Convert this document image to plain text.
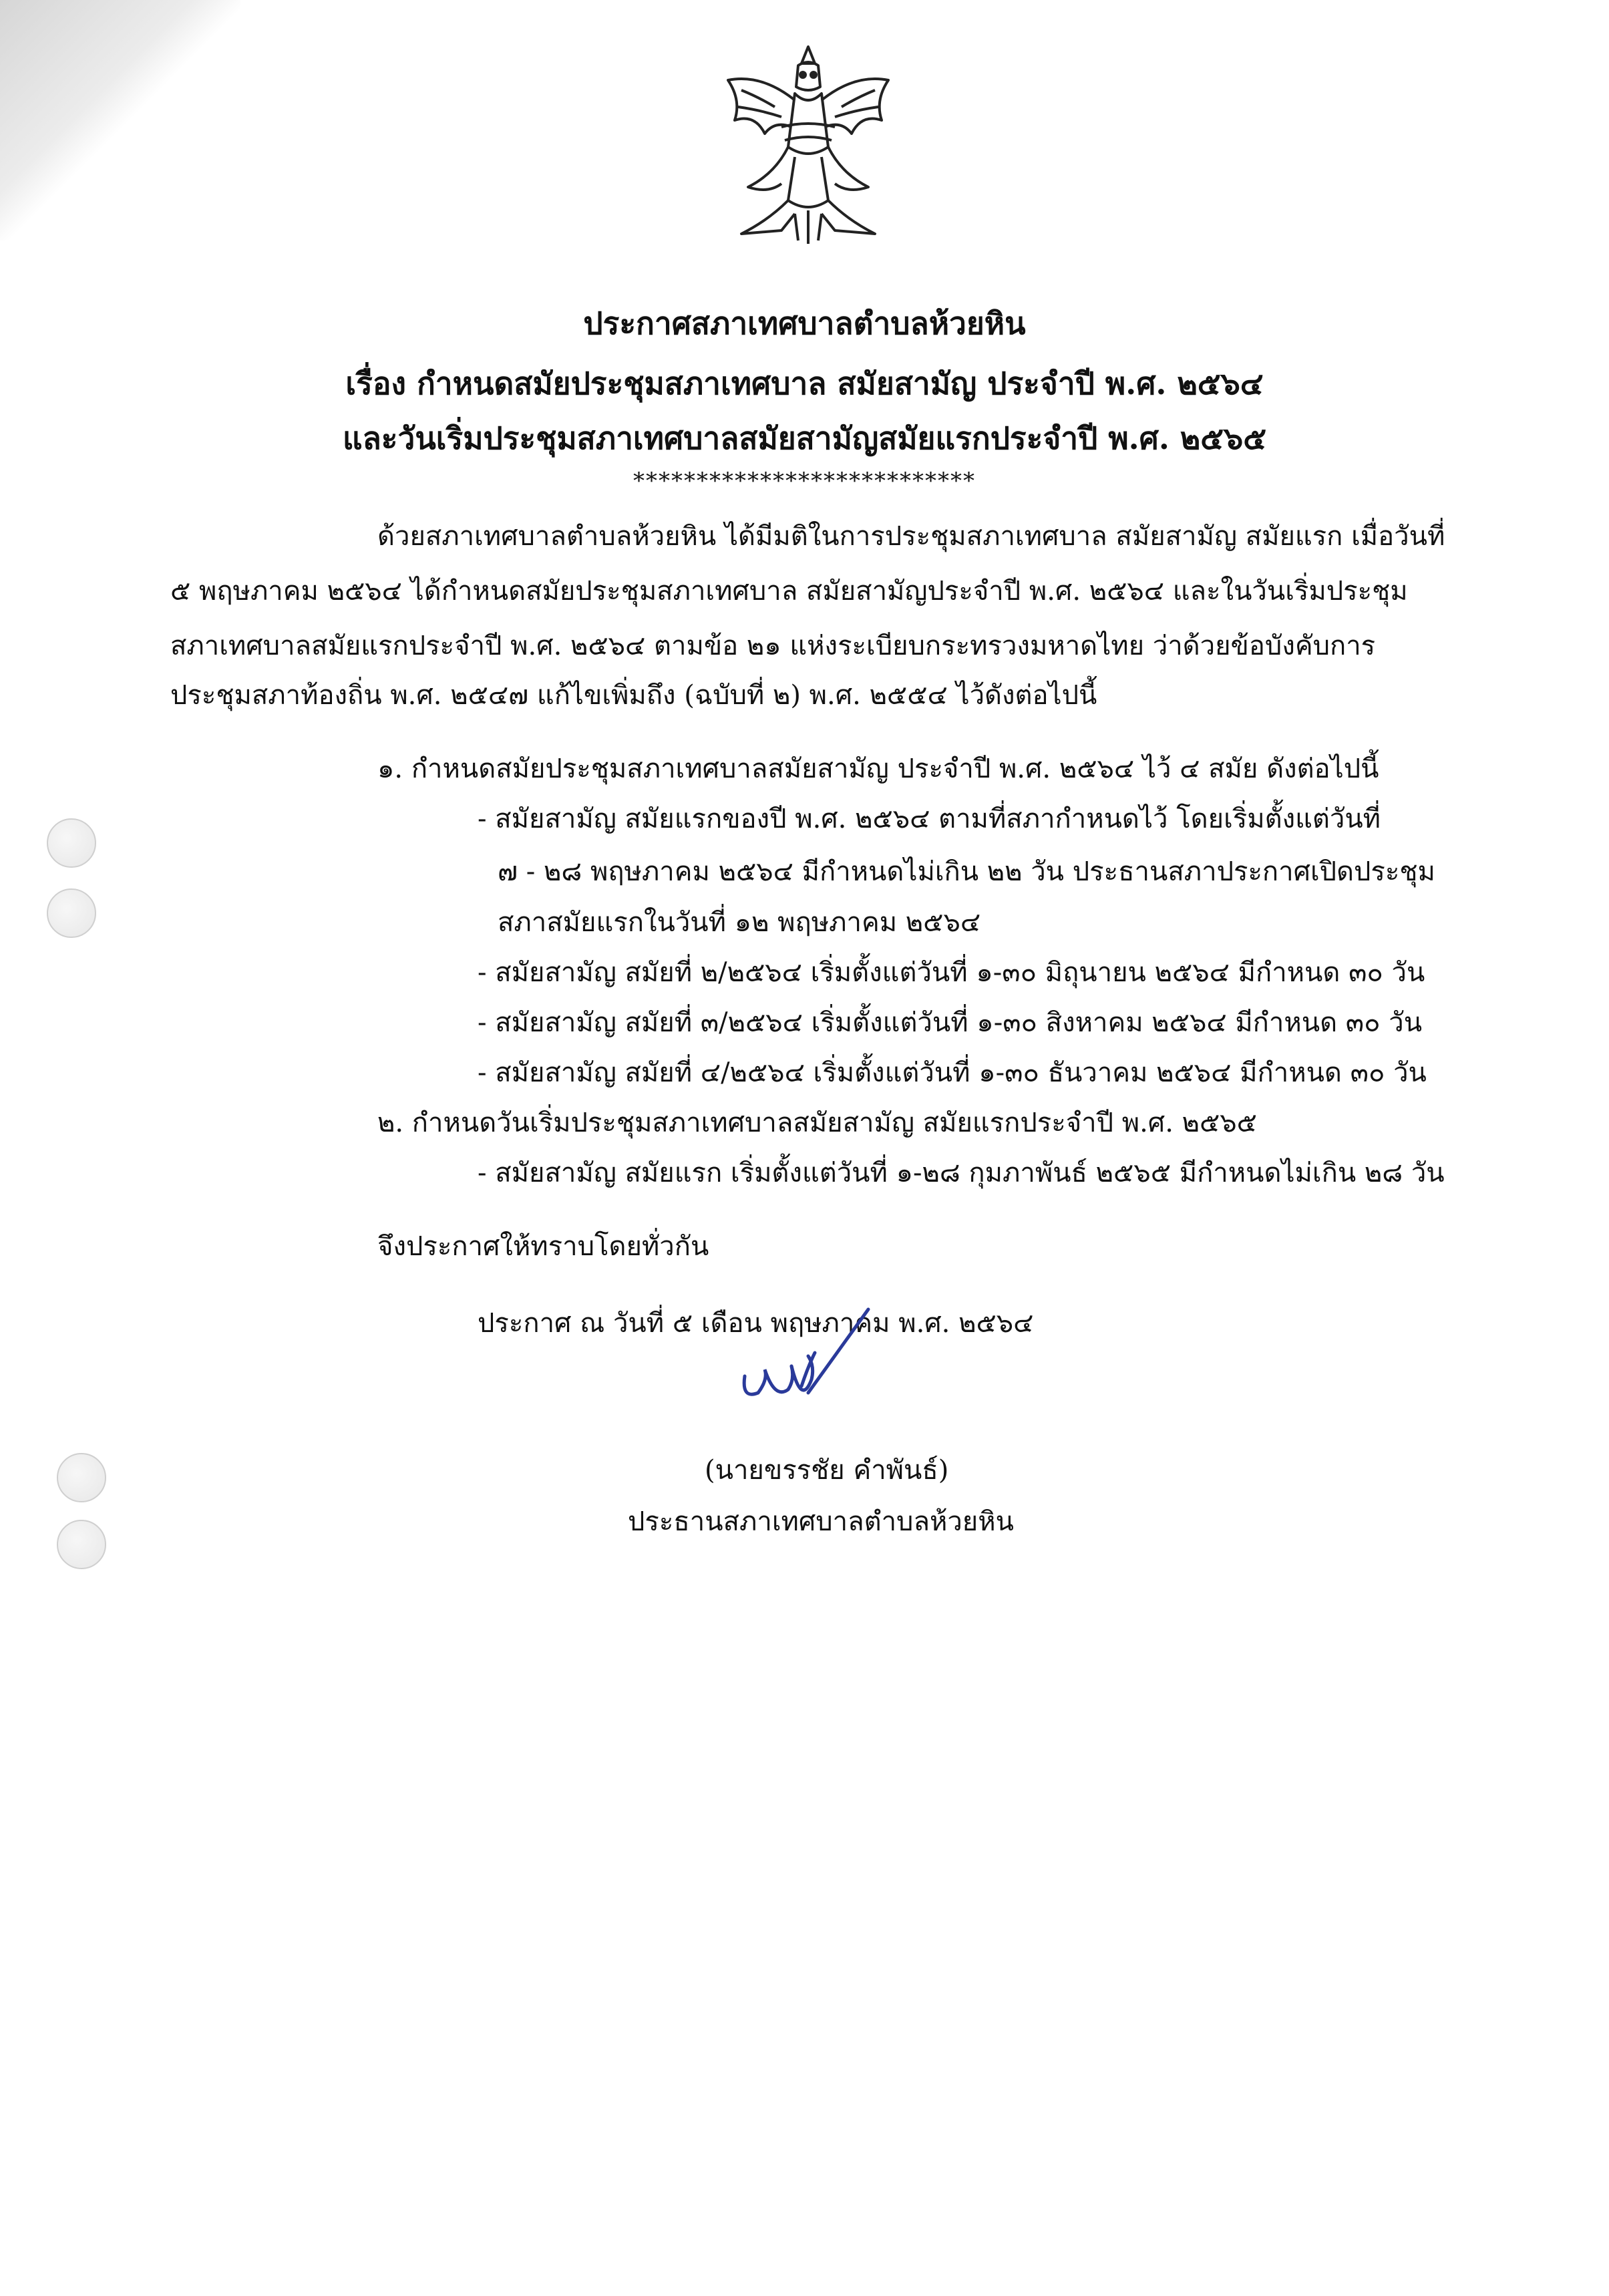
ประกาศสภาเทศบาลตำบลห้วยหิน
เรื่อง กำหนดสมัยประชุมสภาเทศบาล สมัยสามัญ ประจำปี พ.ศ. ๒๕๖๔
และวันเริ่มประชุมสภาเทศบาลสมัยสามัญสมัยแรกประจำปี พ.ศ. ๒๕๖๕
***************************
ด้วยสภาเทศบาลตำบลห้วยหิน ได้มีมติในการประชุมสภาเทศบาล สมัยสามัญ สมัยแรก เมื่อวันที่
๕ พฤษภาคม ๒๕๖๔ ได้กำหนดสมัยประชุมสภาเทศบาล สมัยสามัญประจำปี พ.ศ. ๒๕๖๔ และในวันเริ่มประชุม
สภาเทศบาลสมัยแรกประจำปี พ.ศ. ๒๕๖๔ ตามข้อ ๒๑ แห่งระเบียบกระทรวงมหาดไทย ว่าด้วยข้อบังคับการ
ประชุมสภาท้องถิ่น พ.ศ. ๒๕๔๗ แก้ไขเพิ่มถึง (ฉบับที่ ๒) พ.ศ. ๒๕๕๔ ไว้ดังต่อไปนี้
๑. กำหนดสมัยประชุมสภาเทศบาลสมัยสามัญ ประจำปี พ.ศ. ๒๕๖๔ ไว้ ๔ สมัย ดังต่อไปนี้
- สมัยสามัญ สมัยแรกของปี พ.ศ. ๒๕๖๔ ตามที่สภากำหนดไว้ โดยเริ่มตั้งแต่วันที่
๗ - ๒๘ พฤษภาคม ๒๕๖๔ มีกำหนดไม่เกิน ๒๒ วัน ประธานสภาประกาศเปิดประชุม
สภาสมัยแรกในวันที่ ๑๒ พฤษภาคม ๒๕๖๔
- สมัยสามัญ สมัยที่ ๒/๒๕๖๔ เริ่มตั้งแต่วันที่ ๑-๓๐ มิถุนายน ๒๕๖๔ มีกำหนด ๓๐ วัน
- สมัยสามัญ สมัยที่ ๓/๒๕๖๔ เริ่มตั้งแต่วันที่ ๑-๓๐ สิงหาคม ๒๕๖๔ มีกำหนด ๓๐ วัน
- สมัยสามัญ สมัยที่ ๔/๒๕๖๔ เริ่มตั้งแต่วันที่ ๑-๓๐ ธันวาคม ๒๕๖๔ มีกำหนด ๓๐ วัน
๒. กำหนดวันเริ่มประชุมสภาเทศบาลสมัยสามัญ สมัยแรกประจำปี พ.ศ. ๒๕๖๕
- สมัยสามัญ สมัยแรก เริ่มตั้งแต่วันที่ ๑-๒๘ กุมภาพันธ์ ๒๕๖๕ มีกำหนดไม่เกิน ๒๘ วัน
จึงประกาศให้ทราบโดยทั่วกัน
ประกาศ ณ วันที่ ๕ เดือน พฤษภาคม พ.ศ. ๒๕๖๔
(นายขรรชัย คำพันธ์)
ประธานสภาเทศบาลตำบลห้วยหิน
